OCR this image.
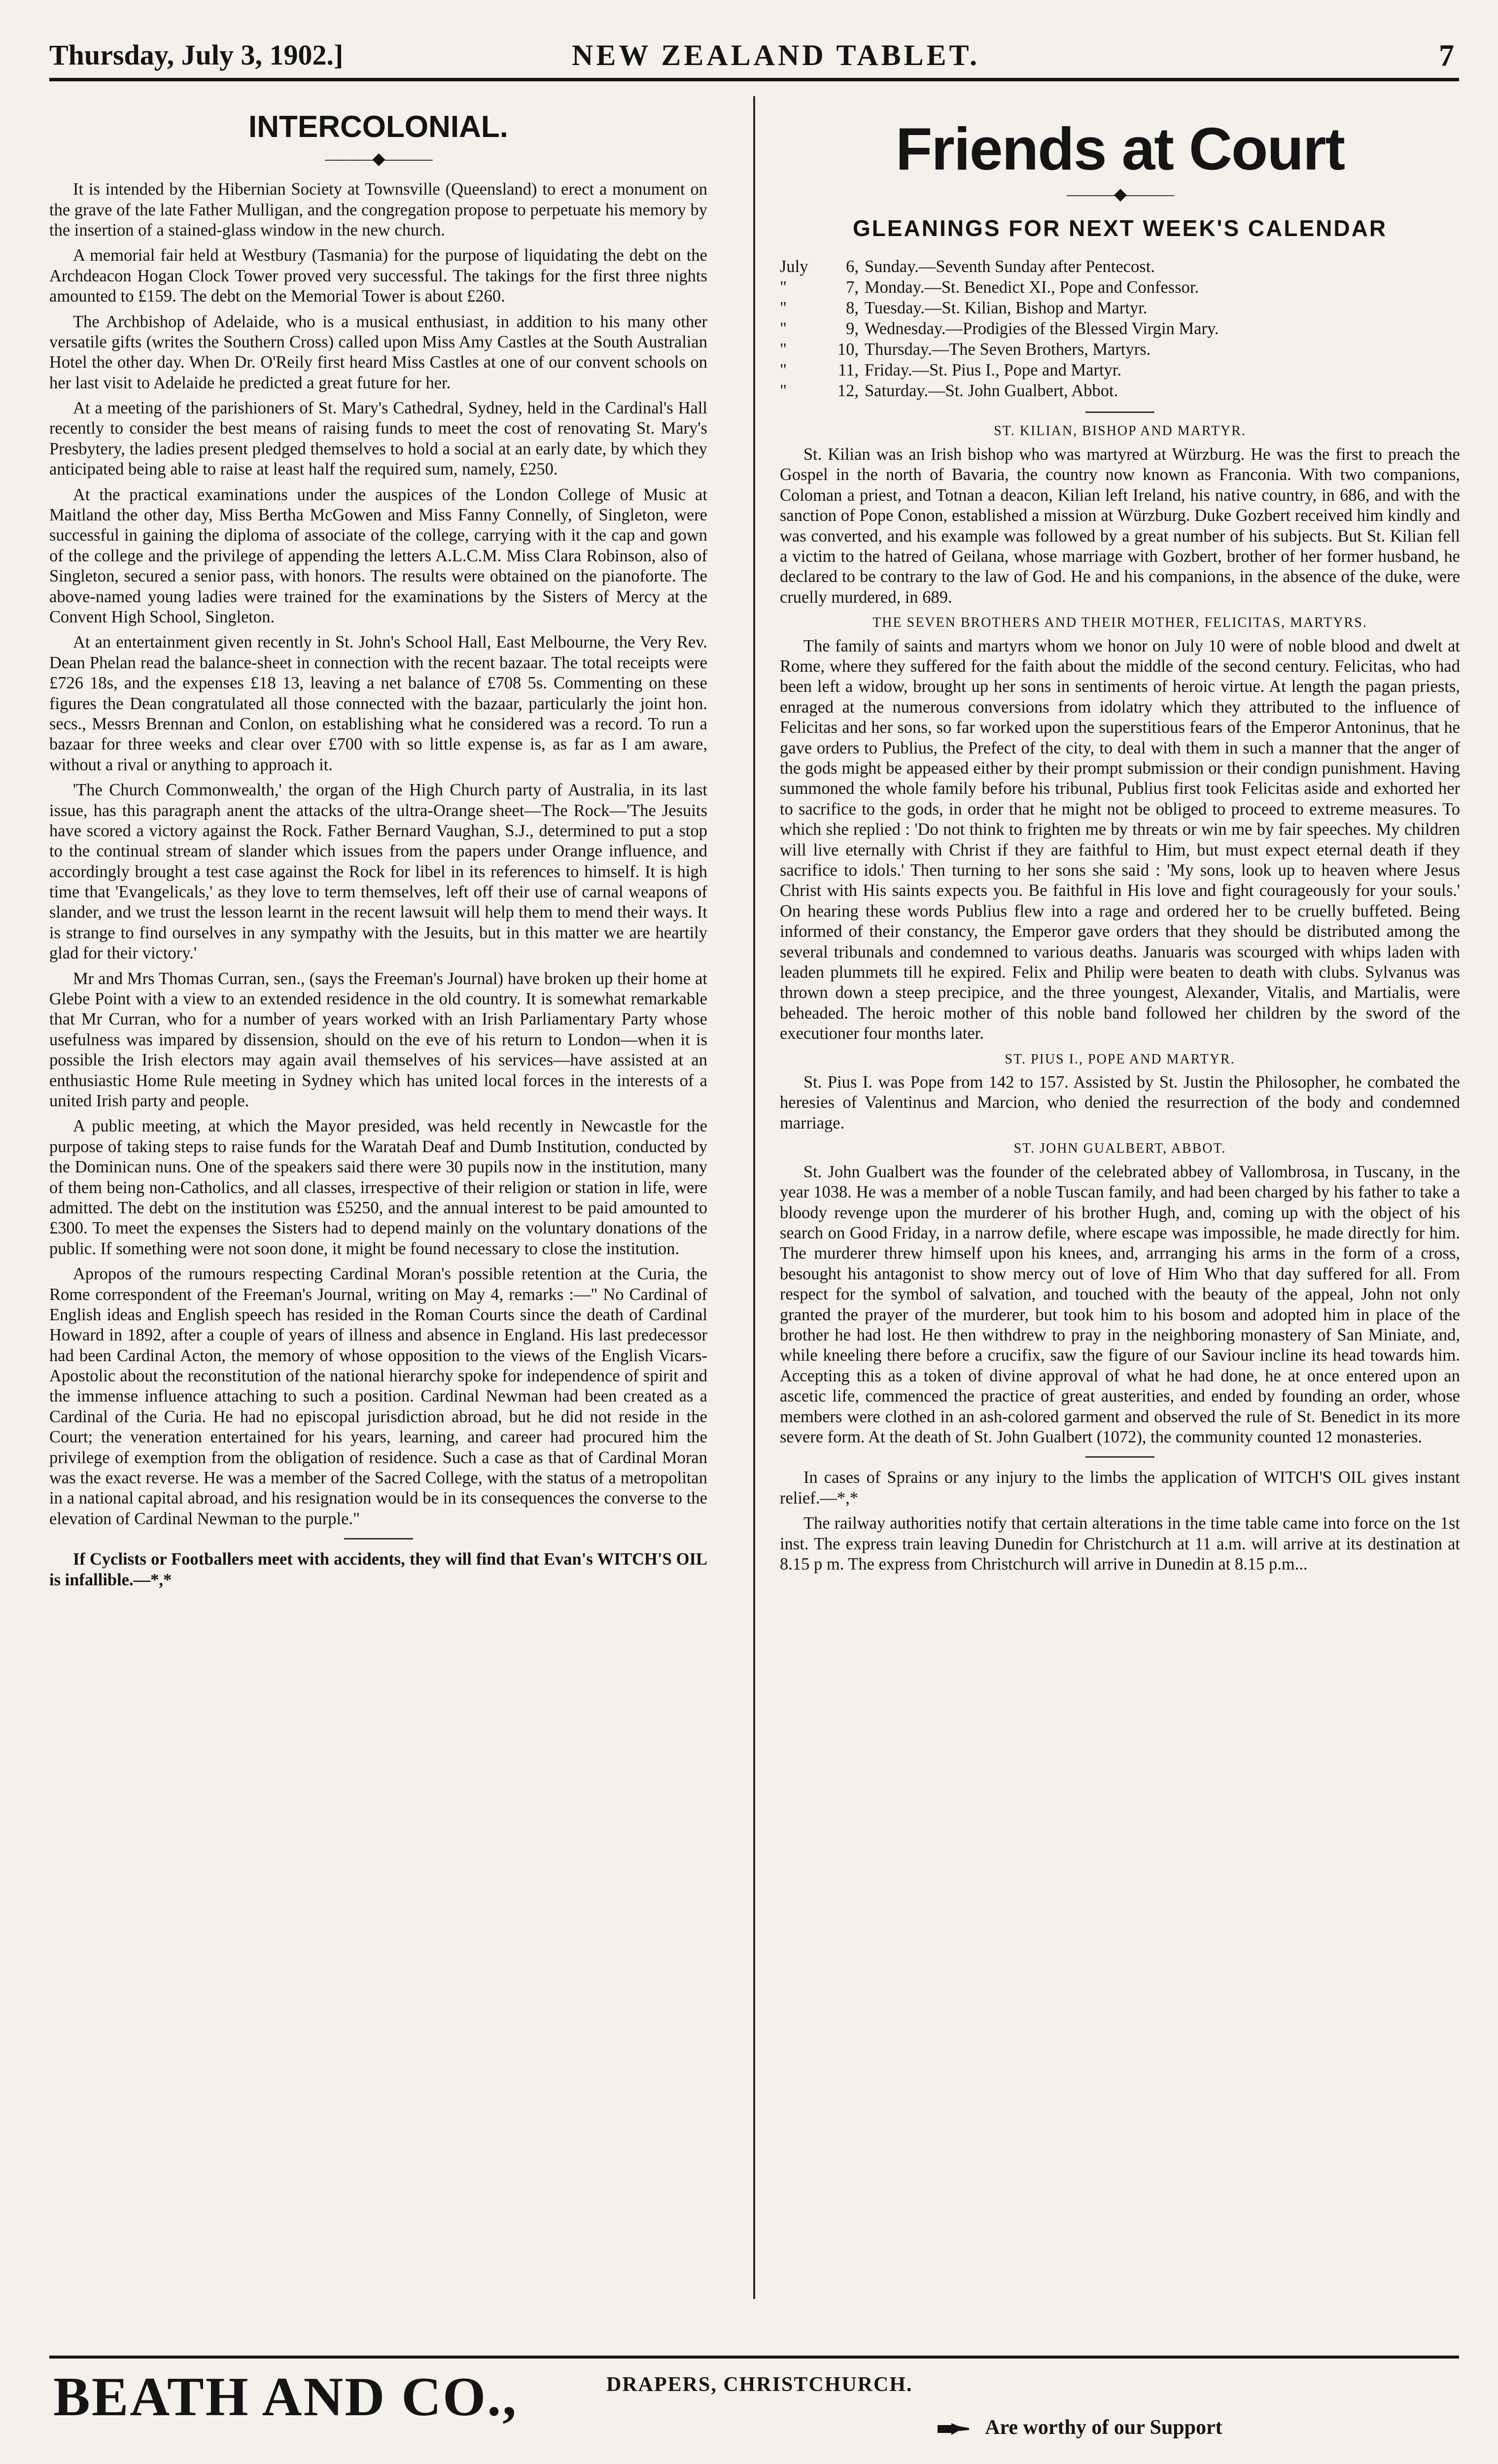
Thursday, July 3, 1902.]	NEW ZEALAND TABLET.	7
INTERCOLONIAL.
———◆———

It is intended by the Hibernian Society at Townsville (Queensland) to erect a monument on the grave of the late Father Mulligan, and the congregation propose to perpetuate his memory by the insertion of a stained-glass window in the new church.

A memorial fair held at Westbury (Tasmania) for the purpose of liquidating the debt on the Archdeacon Hogan Clock Tower proved very successful. The takings for the first three nights amounted to £159. The debt on the Memorial Tower is about £260.

The Archbishop of Adelaide, who is a musical enthusiast, in addition to his many other versatile gifts (writes the Southern Cross) called upon Miss Amy Castles at the South Australian Hotel the other day. When Dr. O'Reily first heard Miss Castles at one of our convent schools on her last visit to Adelaide he predicted a great future for her.

At a meeting of the parishioners of St. Mary's Cathedral, Sydney, held in the Cardinal's Hall recently to consider the best means of raising funds to meet the cost of renovating St. Mary's Presbytery, the ladies present pledged themselves to hold a social at an early date, by which they anticipated being able to raise at least half the required sum, namely, £250.

At the practical examinations under the auspices of the London College of Music at Maitland the other day, Miss Bertha McGowen and Miss Fanny Connelly, of Singleton, were successful in gaining the diploma of associate of the college, carrying with it the cap and gown of the college and the privilege of appending the letters A.L.C.M. Miss Clara Robinson, also of Singleton, secured a senior pass, with honors. The results were obtained on the pianoforte. The above-named young ladies were trained for the examinations by the Sisters of Mercy at the Convent High School, Singleton.

At an entertainment given recently in St. John's School Hall, East Melbourne, the Very Rev. Dean Phelan read the balance-sheet in connection with the recent bazaar. The total receipts were £726 18s, and the expenses £18 13, leaving a net balance of £708 5s. Commenting on these figures the Dean congratulated all those connected with the bazaar, particularly the joint hon. secs., Messrs Brennan and Conlon, on establishing what he considered was a record. To run a bazaar for three weeks and clear over £700 with so little expense is, as far as I am aware, without a rival or anything to approach it.

'The Church Commonwealth,' the organ of the High Church party of Australia, in its last issue, has this paragraph anent the attacks of the ultra-Orange sheet—The Rock—'The Jesuits have scored a victory against the Rock. Father Bernard Vaughan, S.J., determined to put a stop to the continual stream of slander which issues from the papers under Orange influence, and accordingly brought a test case against the Rock for libel in its references to himself. It is high time that 'Evangelicals,' as they love to term themselves, left off their use of carnal weapons of slander, and we trust the lesson learnt in the recent lawsuit will help them to mend their ways. It is strange to find ourselves in any sympathy with the Jesuits, but in this matter we are heartily glad for their victory.'

Mr and Mrs Thomas Curran, sen., (says the Freeman's Journal) have broken up their home at Glebe Point with a view to an extended residence in the old country. It is somewhat remarkable that Mr Curran, who for a number of years worked with an Irish Parliamentary Party whose usefulness was impared by dissension, should on the eve of his return to London—when it is possible the Irish electors may again avail themselves of his services—have assisted at an enthusiastic Home Rule meeting in Sydney which has united local forces in the interests of a united Irish party and people.

A public meeting, at which the Mayor presided, was held recently in Newcastle for the purpose of taking steps to raise funds for the Waratah Deaf and Dumb Institution, conducted by the Dominican nuns. One of the speakers said there were 30 pupils now in the institution, many of them being non-Catholics, and all classes, irrespective of their religion or station in life, were admitted. The debt on the institution was £5250, and the annual interest to be paid amounted to £300. To meet the expenses the Sisters had to depend mainly on the voluntary donations of the public. If something were not soon done, it might be found necessary to close the institution.

Apropos of the rumours respecting Cardinal Moran's possible retention at the Curia, the Rome correspondent of the Freeman's Journal, writing on May 4, remarks :—" No Cardinal of English ideas and English speech has resided in the Roman Courts since the death of Cardinal Howard in 1892, after a couple of years of illness and absence in England. His last predecessor had been Cardinal Acton, the memory of whose opposition to the views of the English Vicars-Apostolic about the reconstitution of the national hierarchy spoke for independence of spirit and the immense influence attaching to such a position. Cardinal Newman had been created as a Cardinal of the Curia. He had no episcopal jurisdiction abroad, but he did not reside in the Court; the veneration entertained for his years, learning, and career had procured him the privilege of exemption from the obligation of residence. Such a case as that of Cardinal Moran was the exact reverse. He was a member of the Sacred College, with the status of a metropolitan in a national capital abroad, and his resignation would be in its consequences the converse to the elevation of Cardinal Newman to the purple."

If Cyclists or Footballers meet with accidents, they will find that Evan's WITCH'S OIL is infallible.—*,*

Friends at Court
———◆———
GLEANINGS FOR NEXT WEEK'S CALENDAR
July	6, Sunday.—Seventh Sunday after Pentecost.
"	7, Monday.—St. Benedict XI., Pope and Confessor.
"	8, Tuesday.—St. Kilian, Bishop and Martyr.
"	9, Wednesday.—Prodigies of the Blessed Virgin Mary.
"	10, Thursday.—The Seven Brothers, Martyrs.
"	11, Friday.—St. Pius I., Pope and Martyr.
"	12, Saturday.—St. John Gualbert, Abbot.
ST. KILIAN, BISHOP AND MARTYR.

St. Kilian was an Irish bishop who was martyred at Würzburg. He was the first to preach the Gospel in the north of Bavaria, the country now known as Franconia. With two companions, Coloman a priest, and Totnan a deacon, Kilian left Ireland, his native country, in 686, and with the sanction of Pope Conon, established a mission at Würzburg. Duke Gozbert received him kindly and was converted, and his example was followed by a great number of his subjects. But St. Kilian fell a victim to the hatred of Geilana, whose marriage with Gozbert, brother of her former husband, he declared to be contrary to the law of God. He and his companions, in the absence of the duke, were cruelly murdered, in 689.

THE SEVEN BROTHERS AND THEIR MOTHER, FELICITAS, MARTYRS.

The family of saints and martyrs whom we honor on July 10 were of noble blood and dwelt at Rome, where they suffered for the faith about the middle of the second century. Felicitas, who had been left a widow, brought up her sons in sentiments of heroic virtue. At length the pagan priests, enraged at the numerous conversions from idolatry which they attributed to the influence of Felicitas and her sons, so far worked upon the superstitious fears of the Emperor Antoninus, that he gave orders to Publius, the Prefect of the city, to deal with them in such a manner that the anger of the gods might be appeased either by their prompt submission or their condign punishment. Having summoned the whole family before his tribunal, Publius first took Felicitas aside and exhorted her to sacrifice to the gods, in order that he might not be obliged to proceed to extreme measures. To which she replied : 'Do not think to frighten me by threats or win me by fair speeches. My children will live eternally with Christ if they are faithful to Him, but must expect eternal death if they sacrifice to idols.' Then turning to her sons she said : 'My sons, look up to heaven where Jesus Christ with His saints expects you. Be faithful in His love and fight courageously for your souls.' On hearing these words Publius flew into a rage and ordered her to be cruelly buffeted. Being informed of their constancy, the Emperor gave orders that they should be distributed among the several tribunals and condemned to various deaths. Januaris was scourged with whips laden with leaden plummets till he expired. Felix and Philip were beaten to death with clubs. Sylvanus was thrown down a steep precipice, and the three youngest, Alexander, Vitalis, and Martialis, were beheaded. The heroic mother of this noble band followed her children by the sword of the executioner four months later.

ST. PIUS I., POPE AND MARTYR.

St. Pius I. was Pope from 142 to 157. Assisted by St. Justin the Philosopher, he combated the heresies of Valentinus and Marcion, who denied the resurrection of the body and condemned marriage.

ST. JOHN GUALBERT, ABBOT.

St. John Gualbert was the founder of the celebrated abbey of Vallombrosa, in Tuscany, in the year 1038. He was a member of a noble Tuscan family, and had been charged by his father to take a bloody revenge upon the murderer of his brother Hugh, and, coming up with the object of his search on Good Friday, in a narrow defile, where escape was impossible, he made directly for him. The murderer threw himself upon his knees, and, arrranging his arms in the form of a cross, besought his antagonist to show mercy out of love of Him Who that day suffered for all. From respect for the symbol of salvation, and touched with the beauty of the appeal, John not only granted the prayer of the murderer, but took him to his bosom and adopted him in place of the brother he had lost. He then withdrew to pray in the neighboring monastery of San Miniate, and, while kneeling there before a crucifix, saw the figure of our Saviour incline its head towards him. Accepting this as a token of divine approval of what he had done, he at once entered upon an ascetic life, commenced the practice of great austerities, and ended by founding an order, whose members were clothed in an ash-colored garment and observed the rule of St. Benedict in its more severe form. At the death of St. John Gualbert (1072), the community counted 12 monasteries.

In cases of Sprains or any injury to the limbs the application of WITCH'S OIL gives instant relief.—*,*

The railway authorities notify that certain alterations in the time table came into force on the 1st inst. The express train leaving Dunedin for Christchurch at 11 a.m. will arrive at its destination at 8.15 p m. The express from Christchurch will arrive in Dunedin at 8.15 p.m...

BEATH AND CO.,	DRAPERS, CHRISTCHURCH.
Are worthy of our Support
